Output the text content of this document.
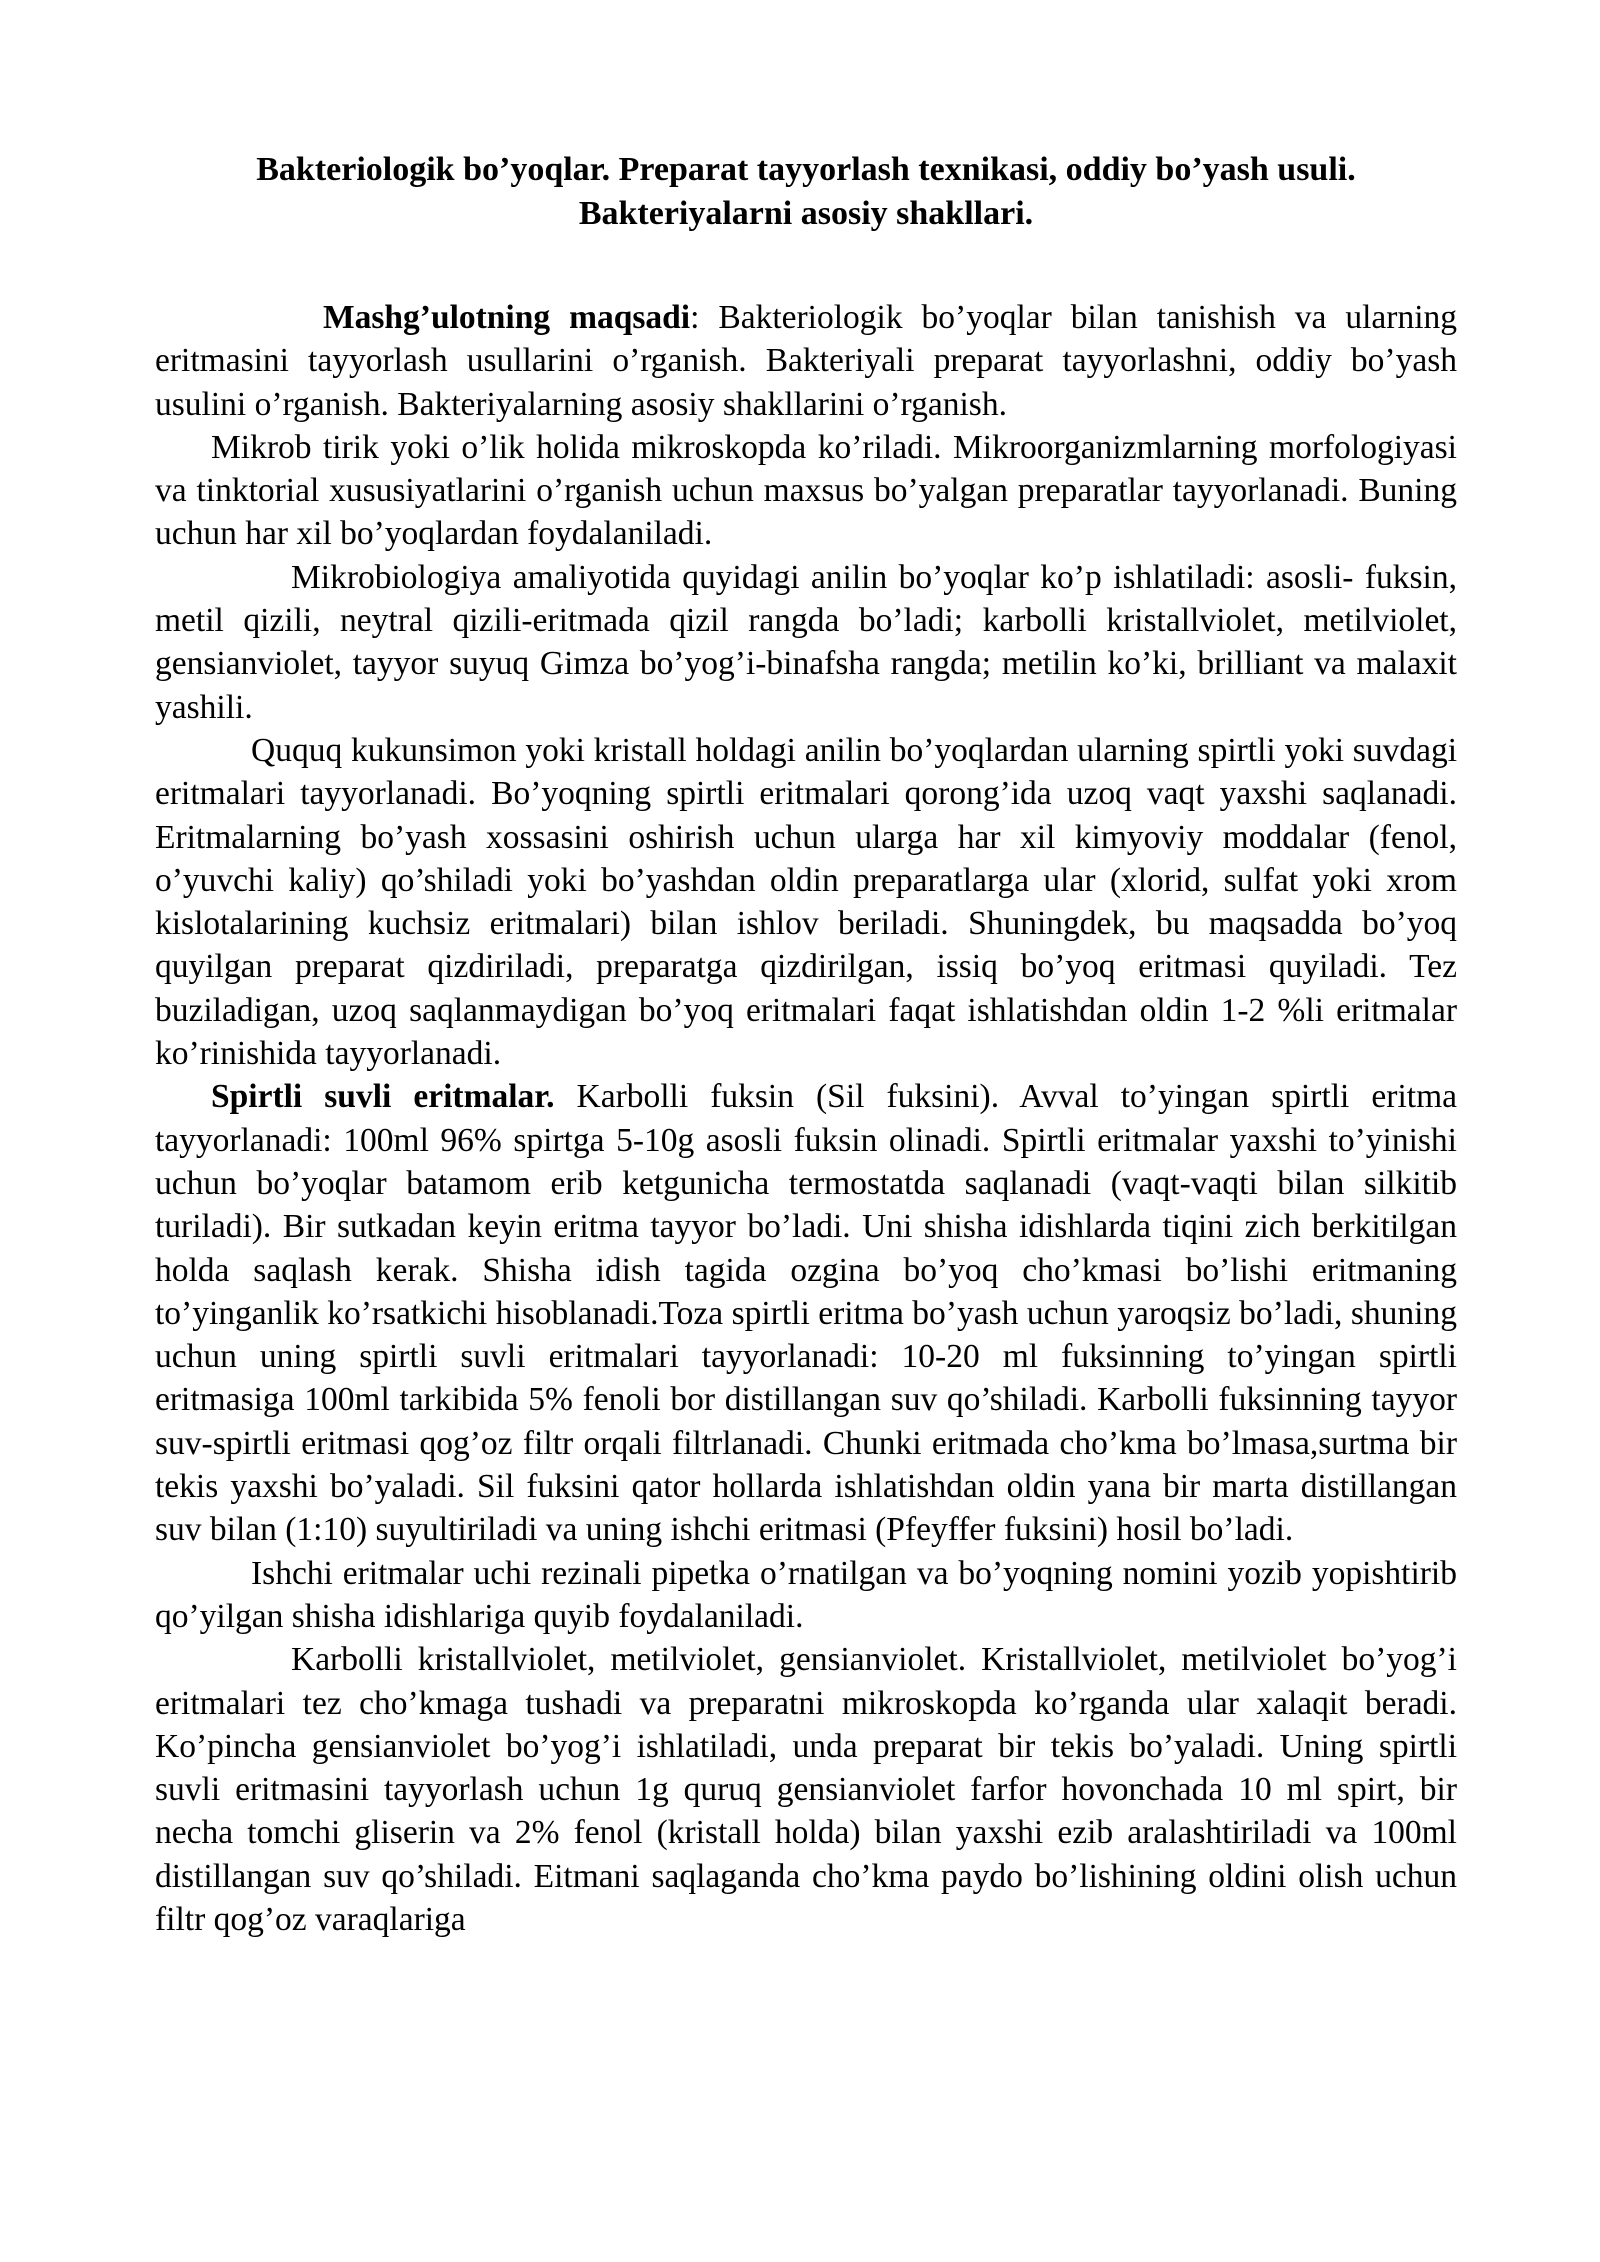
Bakteriologik bo’yoqlar. Preparat tayyorlash texnikasi, oddiy bo’yash usuli.
Bakteriyalarni asosiy shakllari.

Mashg’ulotning maqsadi: Bakteriologik bo’yoqlar bilan tanishish va ularning eritmasini tayyorlash usullarini o’rganish. Bakteriyali preparat tayyorlashni, oddiy bo’yash usulini o’rganish. Bakteriyalarning asosiy shakllarini o’rganish.

Mikrob tirik yoki o’lik holida mikroskopda ko’riladi. Mikroorganizmlarning morfologiyasi va tinktorial xususiyatlarini o’rganish uchun maxsus bo’yalgan preparatlar tayyorlanadi. Buning uchun har xil bo’yoqlardan foydalaniladi.

Mikrobiologiya amaliyotida quyidagi anilin bo’yoqlar ko’p ishlatiladi: asosli- fuksin, metil qizili, neytral qizili-eritmada qizil rangda bo’ladi; karbolli kristallviolet, metilviolet, gensianviolet, tayyor suyuq Gimza bo’yog’i-binafsha rangda; metilin ko’ki, brilliant va malaxit yashili.

Ququq kukunsimon yoki kristall holdagi anilin bo’yoqlardan ularning spirtli yoki suvdagi eritmalari tayyorlanadi. Bo’yoqning spirtli eritmalari qorong’ida uzoq vaqt yaxshi saqlanadi. Eritmalarning bo’yash xossasini oshirish uchun ularga har xil kimyoviy moddalar (fenol, o’yuvchi kaliy) qo’shiladi yoki bo’yashdan oldin preparatlarga ular (xlorid, sulfat yoki xrom kislotalarining kuchsiz eritmalari) bilan ishlov beriladi. Shuningdek, bu maqsadda bo’yoq quyilgan preparat qizdiriladi, preparatga qizdirilgan, issiq bo’yoq eritmasi quyiladi. Tez buziladigan, uzoq saqlanmaydigan bo’yoq eritmalari faqat ishlatishdan oldin 1-2 %li eritmalar ko’rinishida tayyorlanadi.

Spirtli suvli eritmalar. Karbolli fuksin (Sil fuksini). Avval to’yingan spirtli eritma tayyorlanadi: 100ml 96% spirtga 5-10g asosli fuksin olinadi. Spirtli eritmalar yaxshi to’yinishi uchun bo’yoqlar batamom erib ketgunicha termostatda saqlanadi (vaqt-vaqti bilan silkitib turiladi). Bir sutkadan keyin eritma tayyor bo’ladi. Uni shisha idishlarda tiqini zich berkitilgan holda saqlash kerak. Shisha idish tagida ozgina bo’yoq cho’kmasi bo’lishi eritmaning to’yinganlik ko’rsatkichi hisoblanadi.Toza spirtli eritma bo’yash uchun yaroqsiz bo’ladi, shuning uchun uning spirtli suvli eritmalari tayyorlanadi: 10-20 ml fuksinning to’yingan spirtli eritmasiga 100ml tarkibida 5% fenoli bor distillangan suv qo’shiladi. Karbolli fuksinning tayyor suv-spirtli eritmasi qog’oz filtr orqali filtrlanadi. Chunki eritmada cho’kma bo’lmasa,surtma bir tekis yaxshi bo’yaladi. Sil fuksini qator hollarda ishlatishdan oldin yana bir marta distillangan suv bilan (1:10) suyultiriladi va uning ishchi eritmasi (Pfeyffer fuksini) hosil bo’ladi.

Ishchi eritmalar uchi rezinali pipetka o’rnatilgan va bo’yoqning nomini yozib yopishtirib qo’yilgan shisha idishlariga quyib foydalaniladi.

Karbolli kristallviolet, metilviolet, gensianviolet. Kristallviolet, metilviolet bo’yog’i eritmalari tez cho’kmaga tushadi va preparatni mikroskopda ko’rganda ular xalaqit beradi. Ko’pincha gensianviolet bo’yog’i ishlatiladi, unda preparat bir tekis bo’yaladi. Uning spirtli suvli eritmasini tayyorlash uchun 1g quruq gensianviolet farfor hovonchada 10 ml spirt, bir necha tomchi gliserin va 2% fenol (kristall holda) bilan yaxshi ezib aralashtiriladi va 100ml distillangan suv qo’shiladi. Eitmani saqlaganda cho’kma paydo bo’lishining oldini olish uchun filtr qog’oz varaqlariga
